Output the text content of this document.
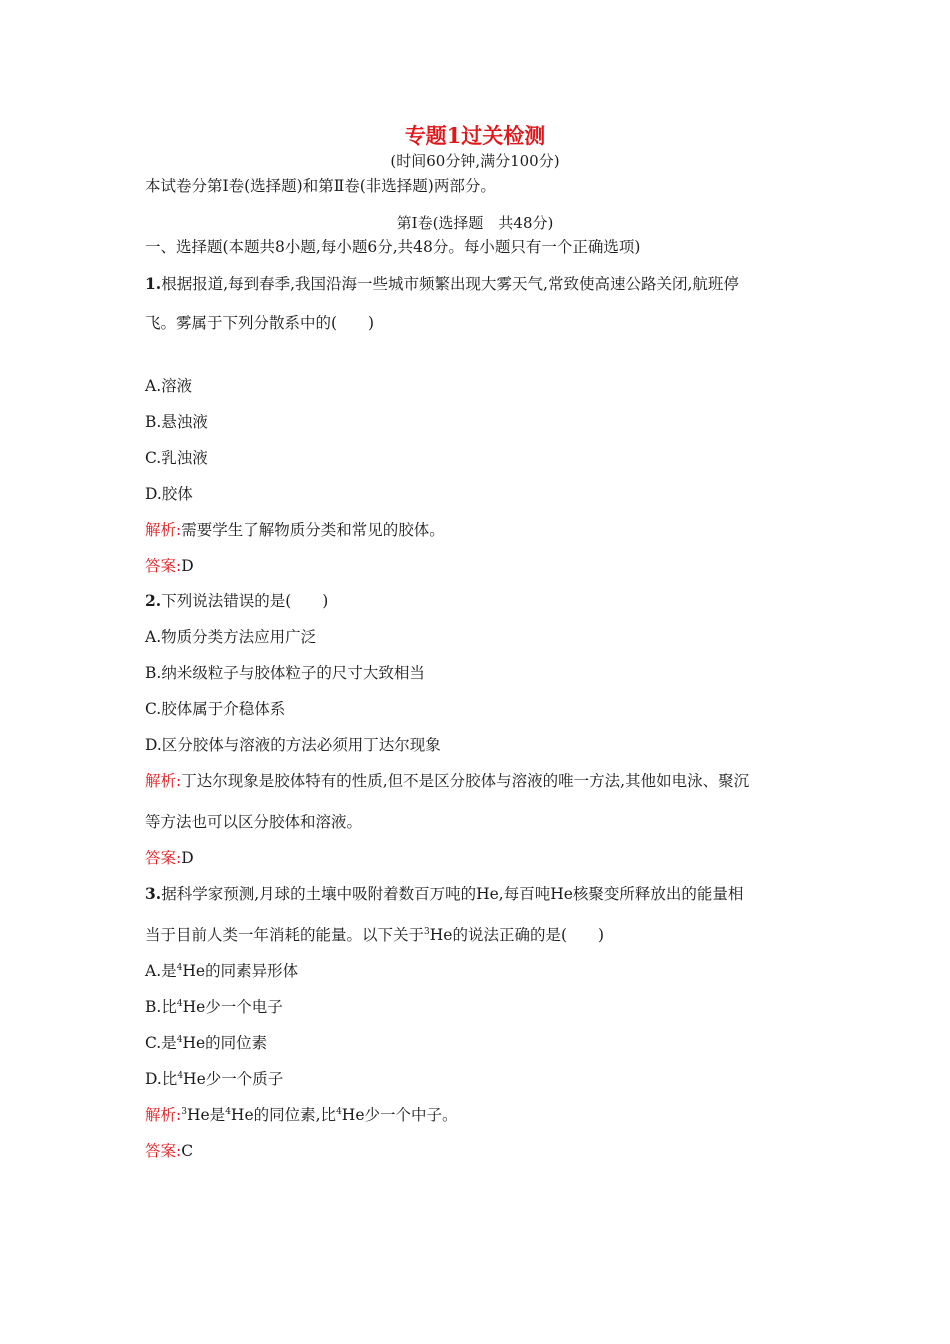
专题1过关检测
(时间60分钟,满分100分)
本试卷分第Ⅰ卷(选择题)和第Ⅱ卷(非选择题)两部分。
第Ⅰ卷(选择题　共48分)
一、选择题(本题共8小题,每小题6分,共48分。每小题只有一个正确选项)
1.根据报道,每到春季,我国沿海一些城市频繁出现大雾天气,常致使高速公路关闭,航班停
飞。雾属于下列分散系中的(　　)
A.溶液
B.悬浊液
C.乳浊液
D.胶体
解析:需要学生了解物质分类和常见的胶体。
答案:D
2.下列说法错误的是(　　)
A.物质分类方法应用广泛
B.纳米级粒子与胶体粒子的尺寸大致相当
C.胶体属于介稳体系
D.区分胶体与溶液的方法必须用丁达尔现象
解析:丁达尔现象是胶体特有的性质,但不是区分胶体与溶液的唯一方法,其他如电泳、聚沉
等方法也可以区分胶体和溶液。
答案:D
3.据科学家预测,月球的土壤中吸附着数百万吨的He,每百吨He核聚变所释放出的能量相
当于目前人类一年消耗的能量。以下关于$^3$He的说法正确的是(　　)
A.是$^4$He的同素异形体
B.比$^4$He少一个电子
C.是$^4$He的同位素
D.比$^4$He少一个质子
解析:$^3$He是$^4$He的同位素,比$^4$He少一个中子。
答案:C
